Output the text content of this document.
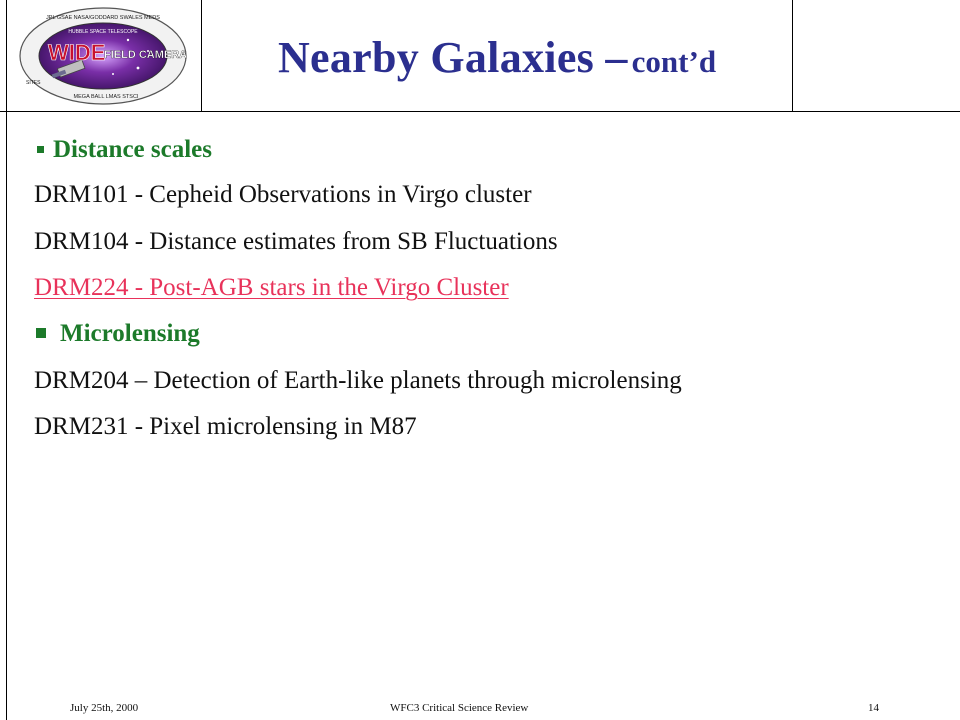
WIDE
FIELD CAMERA 3
JPL GSAE NASA/GODDARD SWALES MEDS
HUBBLE SPACE TELESCOPE
MEGA BALL LMAS STSCI
SITES
Nearby Galaxies – cont’d
Distance scales
DRM101 - Cepheid Observations in Virgo cluster
DRM104 - Distance estimates from SB Fluctuations
DRM224 - Post-AGB stars in the Virgo Cluster
Microlensing
DRM204 – Detection of Earth-like planets through microlensing
DRM231 - Pixel microlensing in M87
July 25th, 2000	WFC3 Critical Science Review	14
